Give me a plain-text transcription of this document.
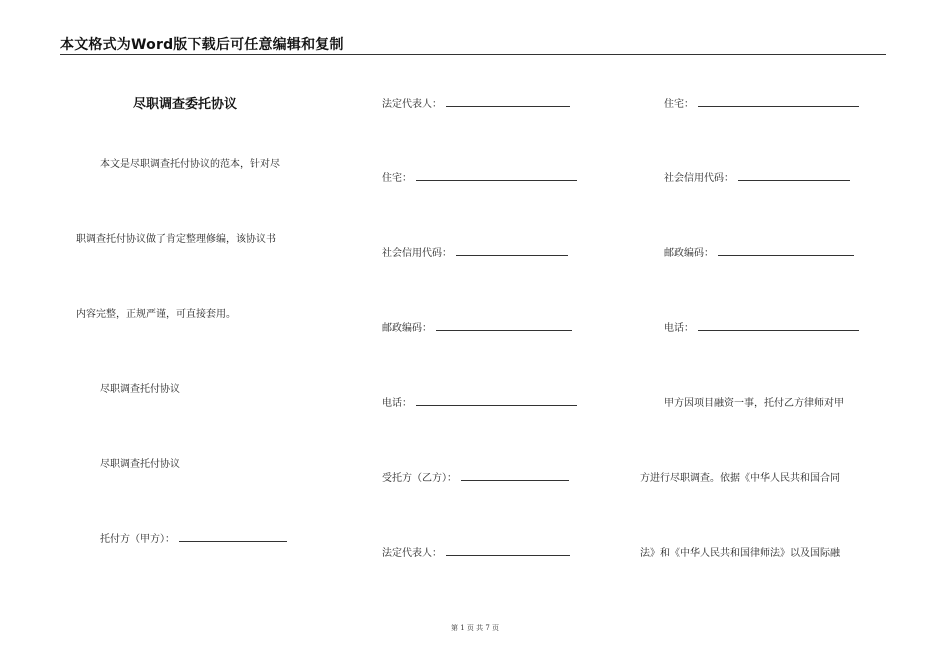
本文格式为Word版下载后可任意编辑和复制
尽职调查委托协议
本文是尽职调查托付协议的范本，针对尽
职调查托付协议做了肯定整理修编，该协议书
内容完整，正规严谨，可直接套用。
尽职调查托付协议
尽职调查托付协议
托付方（甲方）：
法定代表人：
住宅：
社会信用代码：
邮政编码：
电话：
受托方（乙方）：
法定代表人：
住宅：
社会信用代码：
邮政编码：
电话：
甲方因项目融资一事，托付乙方律师对甲
方进行尽职调查。依据《中华人民共和国合同
法》和《中华人民共和国律师法》以及国际融
第 1 页 共 7 页
